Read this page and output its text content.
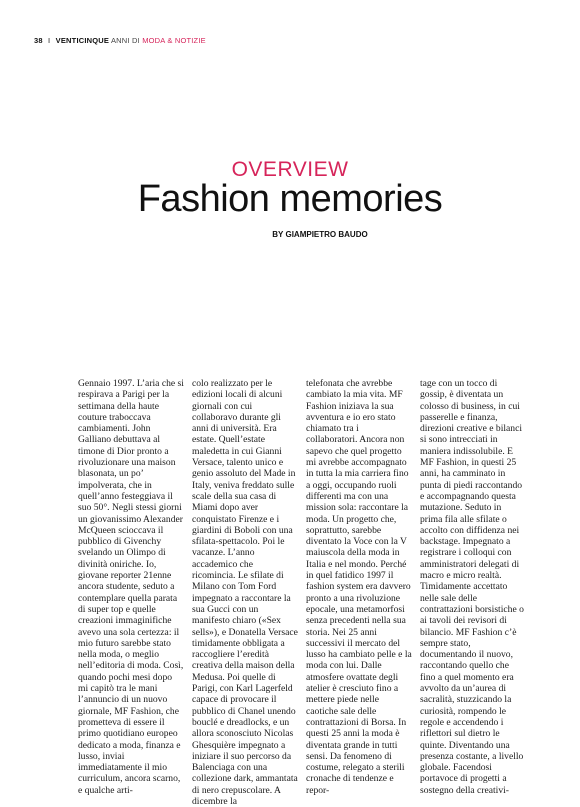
38 I VENTICINQUE ANNI DI MODA & NOTIZIE
OVERVIEW
Fashion memories
BY GIAMPIETRO BAUDO
Gennaio 1997. L’aria che si respirava a Parigi per la settimana della haute couture traboccava cambiamenti. John Galliano debuttava al timone di Dior pronto a rivoluzionare una maison blasonata, un po’ impolverata, che in quell’anno festeggiava il suo 50°. Negli stessi giorni un giovanissimo Alexander McQueen scioccava il pubblico di Givenchy svelando un Olimpo di divinità oniriche. Io, giovane reporter 21enne ancora studente, seduto a contemplare quella parata di super top e quelle creazioni immaginifiche avevo una sola certezza: il mio futuro sarebbe stato nella moda, o meglio nell’editoria di moda. Così, quando pochi mesi dopo mi capitò tra le mani l’annuncio di un nuovo giornale, MF Fashion, che prometteva di essere il primo quotidiano europeo dedicato a moda, finanza e lusso, inviai immediatamente il mio curriculum, ancora scarno, e qualche arti-
colo realizzato per le edizioni locali di alcuni giornali con cui collaboravo durante gli anni di università. Era estate. Quell’estate maledetta in cui Gianni Versace, talento unico e genio assoluto del Made in Italy, veniva freddato sulle scale della sua casa di Miami dopo aver conquistato Firenze e i giardini di Boboli con una sfilata-spettacolo. Poi le vacanze. L’anno accademico che ricomincia. Le sfilate di Milano con Tom Ford impegnato a raccontare la sua Gucci con un manifesto chiaro («Sex sells»), e Donatella Versace timidamente obbligata a raccogliere l’eredità creativa della maison della Medusa. Poi quelle di Parigi, con Karl Lagerfeld capace di provocare il pubblico di Chanel unendo bouclé e dreadlocks, e un allora sconosciuto Nicolas Ghesquière impegnato a iniziare il suo percorso da Balenciaga con una collezione dark, ammantata di nero crepuscolare. A dicembre la
telefonata che avrebbe cambiato la mia vita. MF Fashion iniziava la sua avventura e io ero stato chiamato tra i collaboratori. Ancora non sapevo che quel progetto mi avrebbe accompagnato in tutta la mia carriera fino a oggi, occupando ruoli differenti ma con una mission sola: raccontare la moda. Un progetto che, soprattutto, sarebbe diventato la Voce con la V maiuscola della moda in Italia e nel mondo. Perché in quel fatidico 1997 il fashion system era davvero pronto a una rivoluzione epocale, una metamorfosi senza precedenti nella sua storia. Nei 25 anni successivi il mercato del lusso ha cambiato pelle e la moda con lui. Dalle atmosfere ovattate degli atelier è cresciuto fino a mettere piede nelle caotiche sale delle contrattazioni di Borsa. In questi 25 anni la moda è diventata grande in tutti sensi. Da fenomeno di costume, relegato a sterili cronache di tendenze e repor-
tage con un tocco di gossip, è diventata un colosso di business, in cui passerelle e finanza, direzioni creative e bilanci si sono intrecciati in maniera indissolubile. E MF Fashion, in questi 25 anni, ha camminato in punta di piedi raccontando e accompagnando questa mutazione. Seduto in prima fila alle sfilate o accolto con diffidenza nei backstage. Impegnato a registrare i colloqui con amministratori delegati di macro e micro realtà. Timidamente accettato nelle sale delle contrattazioni borsistiche o ai tavoli dei revisori di bilancio. MF Fashion c’è sempre stato, documentando il nuovo, raccontando quello che fino a quel momento era avvolto da un’aurea di sacralità, stuzzicando la curiosità, rompendo le regole e accendendo i riflettori sul dietro le quinte. Diventando una presenza costante, a livello globale. Facendosi portavoce di progetti a sostegno della creativi-
